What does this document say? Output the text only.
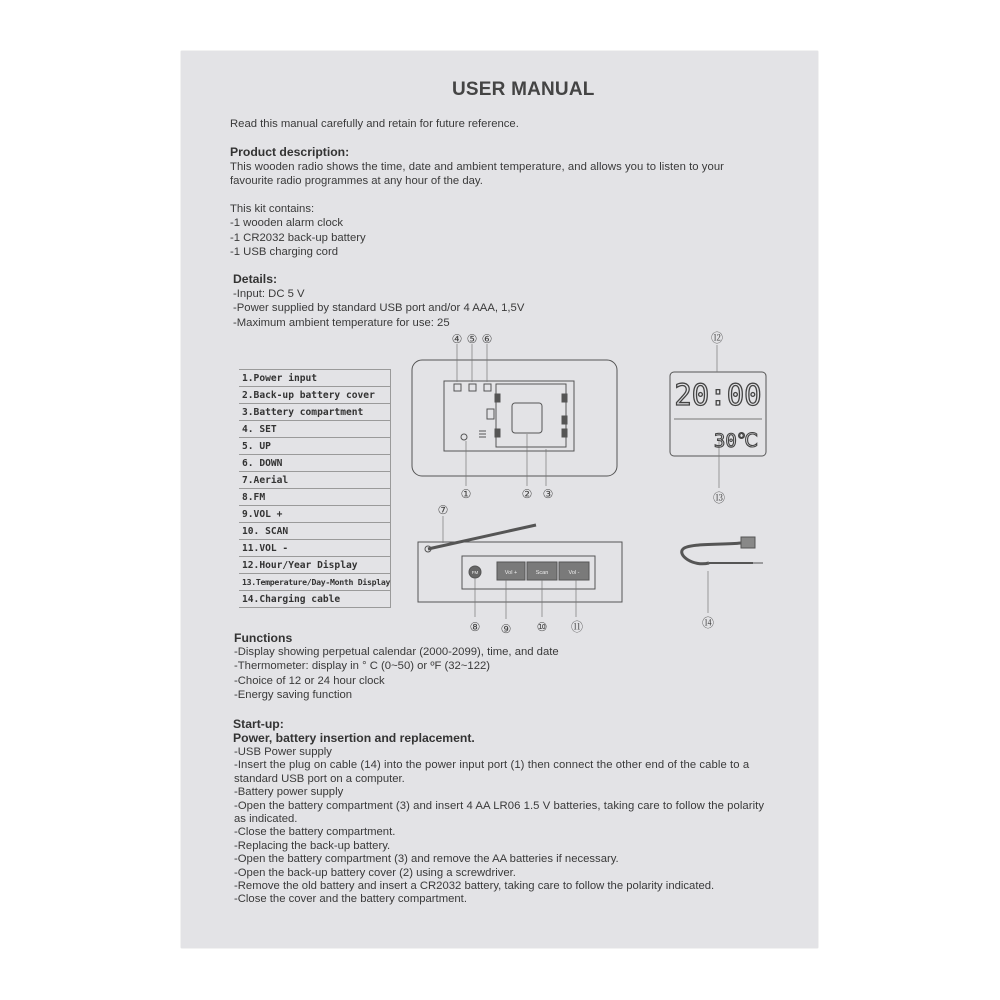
USER MANUAL
Read this manual carefully and retain for future reference.
Product description:
This wooden radio shows the time, date and ambient temperature, and allows you to listen to your
favourite radio programmes at any hour of the day.
This kit contains:
-1 wooden alarm clock
-1 CR2032 back-up battery
-1 USB charging cord
Details:
-Input: DC 5 V
-Power supplied by standard USB port and/or 4 AAA, 1,5V
-Maximum ambient temperature for use: 25
1.Power input
2.Back-up battery cover
3.Battery compartment
4. SET
5. UP
6. DOWN
7.Aerial
8.FM
9.VOL +
10. SCAN
11.VOL -
12.Hour/Year Display
13.Temperature/Day-Month Display
14.Charging cable
20:00
30℃
Vol +	Scan	Vol -
FM
①	② ③
④ ⑤ ⑥
⑦
⑧ ⑨ ⑩ ⑪
⑫
⑬
⑭
Functions
-Display showing perpetual calendar (2000-2099), time, and date
-Thermometer: display in ° C (0~50) or ºF (32~122)
-Choice of 12 or 24 hour clock
-Energy saving function
Start-up:
Power, battery insertion and replacement.
-USB Power supply
-Insert the plug on cable (14) into the power input port (1) then connect the other end of the cable to a
standard USB port on a computer.
-Battery power supply
-Open the battery compartment (3) and insert 4 AA LR06 1.5 V batteries, taking care to follow the polarity
as indicated.
-Close the battery compartment.
-Replacing the back-up battery.
-Open the battery compartment (3) and remove the AA batteries if necessary.
-Open the back-up battery cover (2) using a screwdriver.
-Remove the old battery and insert a CR2032 battery, taking care to follow the polarity indicated.
-Close the cover and the battery compartment.
